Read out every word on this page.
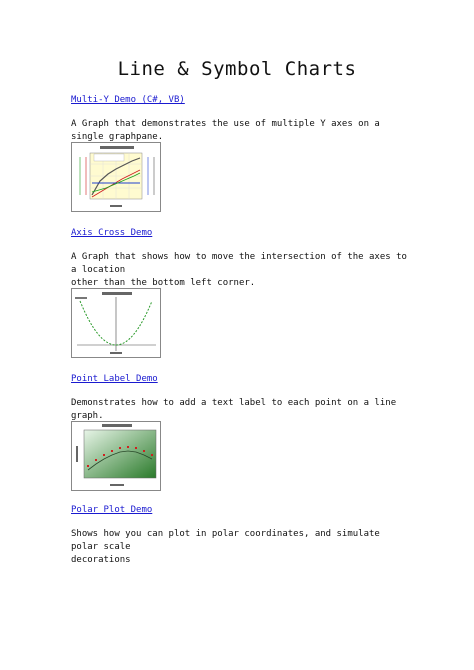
Line & Symbol Charts
Multi-Y Demo (C#, VB)

A Graph that demonstrates the use of multiple Y axes on a single graphpane.

Axis Cross Demo

A Graph that shows how to move the intersection of the axes to a location
other than the bottom left corner.

Point Label Demo

Demonstrates how to add a text label to each point on a line graph.

Polar Plot Demo

Shows how you can plot in polar coordinates, and simulate polar scale
decorations
